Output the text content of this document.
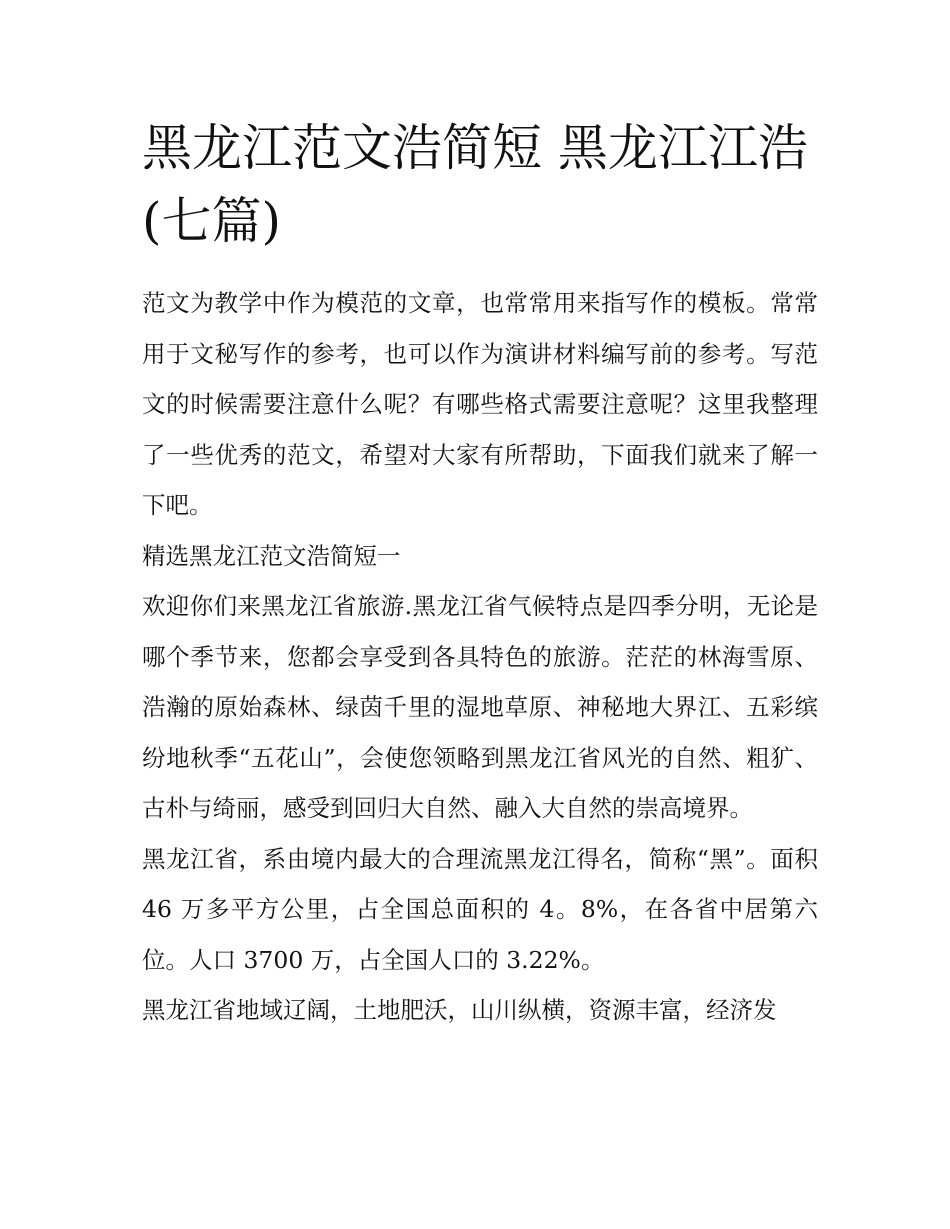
黑龙江范文浩简短 黑龙江江浩(七篇)

范文为教学中作为模范的文章，也常常用来指写作的模板。常常用于文秘写作的参考，也可以作为演讲材料编写前的参考。写范文的时候需要注意什么呢？有哪些格式需要注意呢？这里我整理了一些优秀的范文，希望对大家有所帮助，下面我们就来了解一下吧。

精选黑龙江范文浩简短一

欢迎你们来黑龙江省旅游.黑龙江省气候特点是四季分明，无论是哪个季节来，您都会享受到各具特色的旅游。茫茫的林海雪原、浩瀚的原始森林、绿茵千里的湿地草原、神秘地大界江、五彩缤纷地秋季“五花山”，会使您领略到黑龙江省风光的自然、粗犷、古朴与绮丽，感受到回归大自然、融入大自然的崇高境界。

黑龙江省，系由境内最大的合理流黑龙江得名，简称“黑”。面积 46 万多平方公里，占全国总面积的 4。8%，在各省中居第六位。人口 3700 万，占全国人口的 3.22%。

黑龙江省地域辽阔，土地肥沃，山川纵横，资源丰富，经济发
